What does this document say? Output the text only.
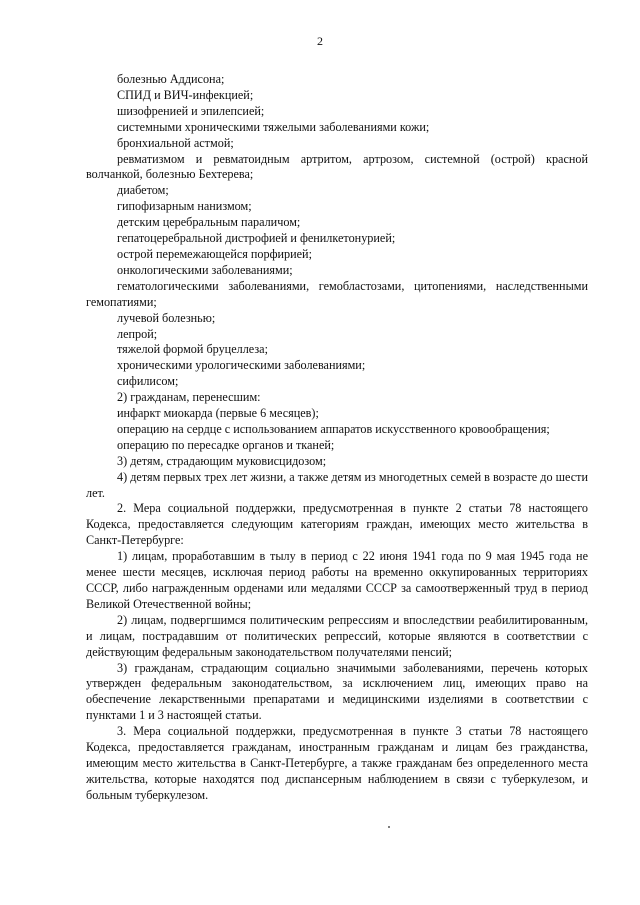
2

болезнью Аддисона;

СПИД и ВИЧ-инфекцией;

шизофренией и эпилепсией;

системными хроническими тяжелыми заболеваниями кожи;

бронхиальной астмой;

ревматизмом и ревматоидным артритом, артрозом, системной (острой) красной волчанкой, болезнью Бехтерева;

диабетом;

гипофизарным нанизмом;

детским церебральным параличом;

гепатоцеребральной дистрофией и фенилкетонурией;

острой перемежающейся порфирией;

онкологическими заболеваниями;

гематологическими заболеваниями, гемобластозами, цитопениями, наследственными гемопатиями;

лучевой болезнью;

лепрой;

тяжелой формой бруцеллеза;

хроническими урологическими заболеваниями;

сифилисом;

2) гражданам, перенесшим:

инфаркт миокарда (первые 6 месяцев);

операцию на сердце с использованием аппаратов искусственного кровообращения;

операцию по пересадке органов и тканей;

3) детям, страдающим муковисцидозом;

4) детям первых трех лет жизни, а также детям из многодетных семей в возрасте до шести лет.

2. Мера социальной поддержки, предусмотренная в пункте 2 статьи 78 настоящего Кодекса, предоставляется следующим категориям граждан, имеющих место жительства в Санкт-Петербурге:

1) лицам, проработавшим в тылу в период с 22 июня 1941 года по 9 мая 1945 года не менее шести месяцев, исключая период работы на временно оккупированных территориях СССР, либо награжденным орденами или медалями СССР за самоотверженный труд в период Великой Отечественной войны;

2) лицам, подвергшимся политическим репрессиям и впоследствии реабилитированным, и лицам, пострадавшим от политических репрессий, которые являются в соответствии с действующим федеральным законодательством получателями пенсий;

3) гражданам, страдающим социально значимыми заболеваниями, перечень которых утвержден федеральным законодательством, за исключением лиц, имеющих право на обеспечение лекарственными препаратами и медицинскими изделиями в соответствии с пунктами 1 и 3 настоящей статьи.

3. Мера социальной поддержки, предусмотренная в пункте 3 статьи 78 настоящего Кодекса, предоставляется гражданам, иностранным гражданам и лицам без гражданства, имеющим место жительства в Санкт-Петербурге, а также гражданам без определенного места жительства, которые находятся под диспансерным наблюдением в связи с туберкулезом, и больным туберкулезом.
